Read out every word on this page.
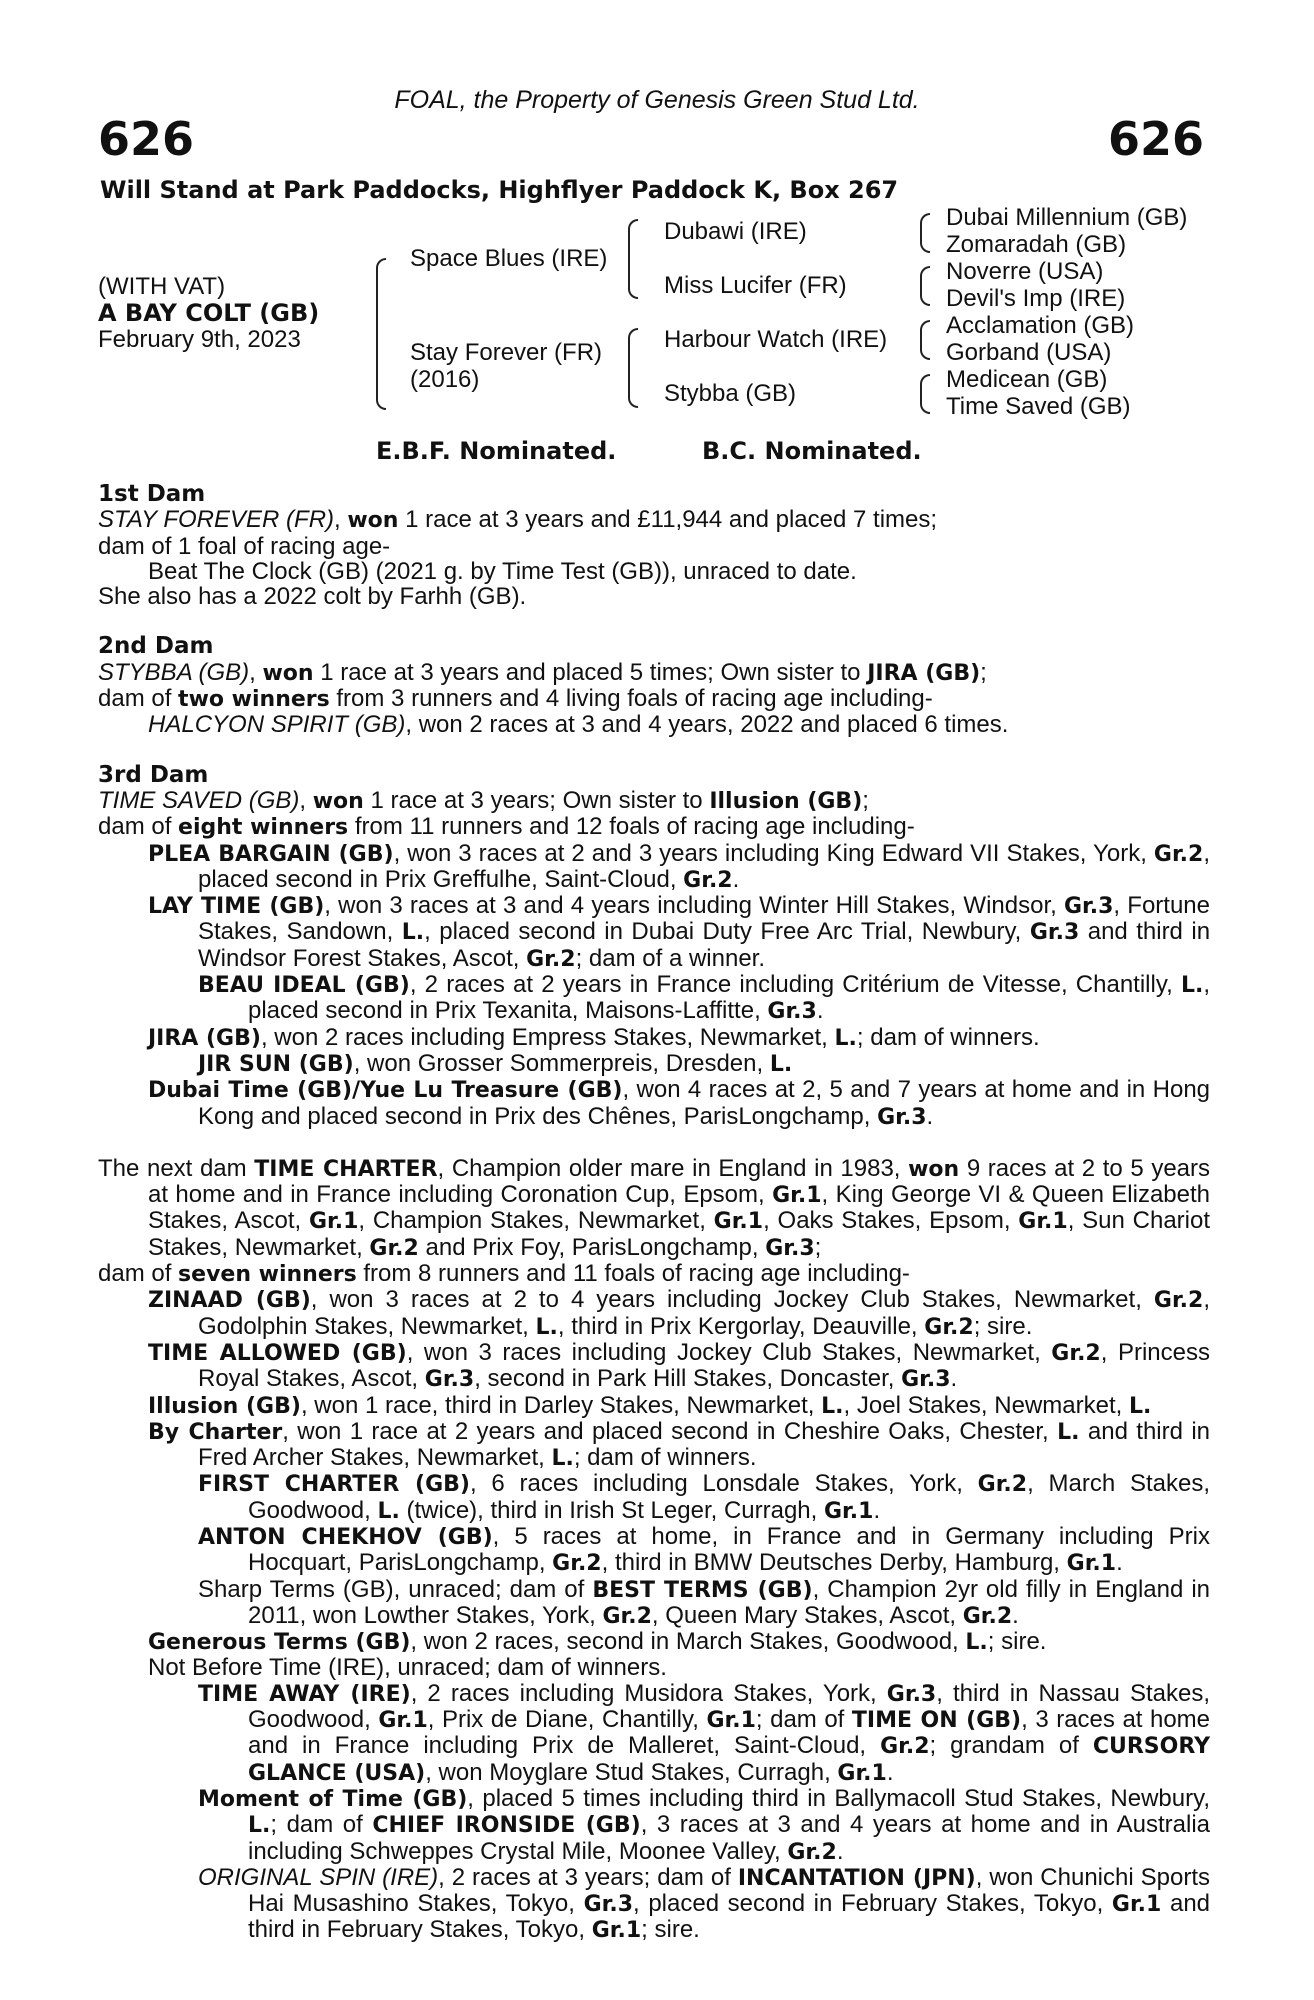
FOAL, the Property of Genesis Green Stud Ltd.
626	626
Will Stand at Park Paddocks, Highflyer Paddock K, Box 267
(WITH VAT)
A BAY COLT (GB)
February 9th, 2023
Space Blues (IRE)
Stay Forever (FR)
(2016)
Dubawi (IRE)
Miss Lucifer (FR)
Harbour Watch (IRE)
Stybba (GB)
Dubai Millennium (GB)
Zomaradah (GB)
Noverre (USA)
Devil's Imp (IRE)
Acclamation (GB)
Gorband (USA)
Medicean (GB)
Time Saved (GB)
E.B.F. Nominated.	B.C. Nominated.
1st Dam
STAY FOREVER (FR), won 1 race at 3 years and £11,944 and placed 7 times;
dam of 1 foal of racing age-
Beat The Clock (GB) (2021 g. by Time Test (GB)), unraced to date.
She also has a 2022 colt by Farhh (GB).
2nd Dam
STYBBA (GB), won 1 race at 3 years and placed 5 times; Own sister to JIRA (GB);
dam of two winners from 3 runners and 4 living foals of racing age including-
HALCYON SPIRIT (GB), won 2 races at 3 and 4 years, 2022 and placed 6 times.
3rd Dam
TIME SAVED (GB), won 1 race at 3 years; Own sister to Illusion (GB);
dam of eight winners from 11 runners and 12 foals of racing age including-
PLEA BARGAIN (GB), won 3 races at 2 and 3 years including King Edward VII Stakes, York, Gr.2, placed second in Prix Greffulhe, Saint-Cloud, Gr.2.
LAY TIME (GB), won 3 races at 3 and 4 years including Winter Hill Stakes, Windsor, Gr.3, Fortune Stakes, Sandown, L., placed second in Dubai Duty Free Arc Trial, Newbury, Gr.3 and third in Windsor Forest Stakes, Ascot, Gr.2; dam of a winner.
BEAU IDEAL (GB), 2 races at 2 years in France including Critérium de Vitesse, Chantilly, L., placed second in Prix Texanita, Maisons-Laffitte, Gr.3.
JIRA (GB), won 2 races including Empress Stakes, Newmarket, L.; dam of winners.
JIR SUN (GB), won Grosser Sommerpreis, Dresden, L.
Dubai Time (GB)/Yue Lu Treasure (GB), won 4 races at 2, 5 and 7 years at home and in Hong Kong and placed second in Prix des Chênes, ParisLongchamp, Gr.3.
The next dam TIME CHARTER, Champion older mare in England in 1983, won 9 races at 2 to 5 years at home and in France including Coronation Cup, Epsom, Gr.1, King George VI & Queen Elizabeth Stakes, Ascot, Gr.1, Champion Stakes, Newmarket, Gr.1, Oaks Stakes, Epsom, Gr.1, Sun Chariot Stakes, Newmarket, Gr.2 and Prix Foy, ParisLongchamp, Gr.3;
dam of seven winners from 8 runners and 11 foals of racing age including-
ZINAAD (GB), won 3 races at 2 to 4 years including Jockey Club Stakes, Newmarket, Gr.2, Godolphin Stakes, Newmarket, L., third in Prix Kergorlay, Deauville, Gr.2; sire.
TIME ALLOWED (GB), won 3 races including Jockey Club Stakes, Newmarket, Gr.2, Princess Royal Stakes, Ascot, Gr.3, second in Park Hill Stakes, Doncaster, Gr.3.
Illusion (GB), won 1 race, third in Darley Stakes, Newmarket, L., Joel Stakes, Newmarket, L.
By Charter, won 1 race at 2 years and placed second in Cheshire Oaks, Chester, L. and third in Fred Archer Stakes, Newmarket, L.; dam of winners.
FIRST CHARTER (GB), 6 races including Lonsdale Stakes, York, Gr.2, March Stakes, Goodwood, L. (twice), third in Irish St Leger, Curragh, Gr.1.
ANTON CHEKHOV (GB), 5 races at home, in France and in Germany including Prix Hocquart, ParisLongchamp, Gr.2, third in BMW Deutsches Derby, Hamburg, Gr.1.
Sharp Terms (GB), unraced; dam of BEST TERMS (GB), Champion 2yr old filly in England in 2011, won Lowther Stakes, York, Gr.2, Queen Mary Stakes, Ascot, Gr.2.
Generous Terms (GB), won 2 races, second in March Stakes, Goodwood, L.; sire.
Not Before Time (IRE), unraced; dam of winners.
TIME AWAY (IRE), 2 races including Musidora Stakes, York, Gr.3, third in Nassau Stakes, Goodwood, Gr.1, Prix de Diane, Chantilly, Gr.1; dam of TIME ON (GB), 3 races at home and in France including Prix de Malleret, Saint-Cloud, Gr.2; grandam of CURSORY GLANCE (USA), won Moyglare Stud Stakes, Curragh, Gr.1.
Moment of Time (GB), placed 5 times including third in Ballymacoll Stud Stakes, Newbury, L.; dam of CHIEF IRONSIDE (GB), 3 races at 3 and 4 years at home and in Australia including Schweppes Crystal Mile, Moonee Valley, Gr.2.
ORIGINAL SPIN (IRE), 2 races at 3 years; dam of INCANTATION (JPN), won Chunichi Sports Hai Musashino Stakes, Tokyo, Gr.3, placed second in February Stakes, Tokyo, Gr.1 and third in February Stakes, Tokyo, Gr.1; sire.
